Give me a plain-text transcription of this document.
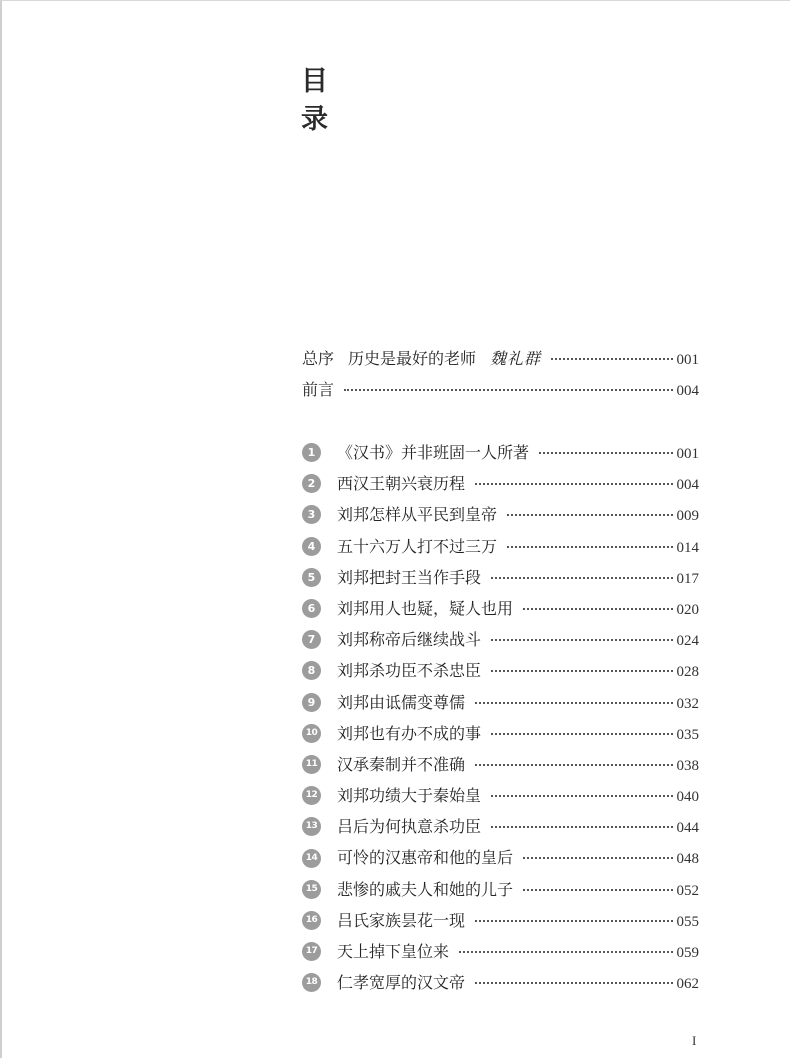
目
录
总序 历史是最好的老师 魏礼群	001
前言	004
1	《汉书》并非班固一人所著	001
2	西汉王朝兴衰历程	004
3	刘邦怎样从平民到皇帝	009
4	五十六万人打不过三万	014
5	刘邦把封王当作手段	017
6	刘邦用人也疑，疑人也用	020
7	刘邦称帝后继续战斗	024
8	刘邦杀功臣不杀忠臣	028
9	刘邦由诋儒变尊儒	032
10 刘邦也有办不成的事	035
11 汉承秦制并不准确	038
12 刘邦功绩大于秦始皇	040
13 吕后为何执意杀功臣	044
14 可怜的汉惠帝和他的皇后	048
15 悲惨的戚夫人和她的儿子	052
16 吕氏家族昙花一现	055
17 天上掉下皇位来	059
18 仁孝宽厚的汉文帝	062
I
